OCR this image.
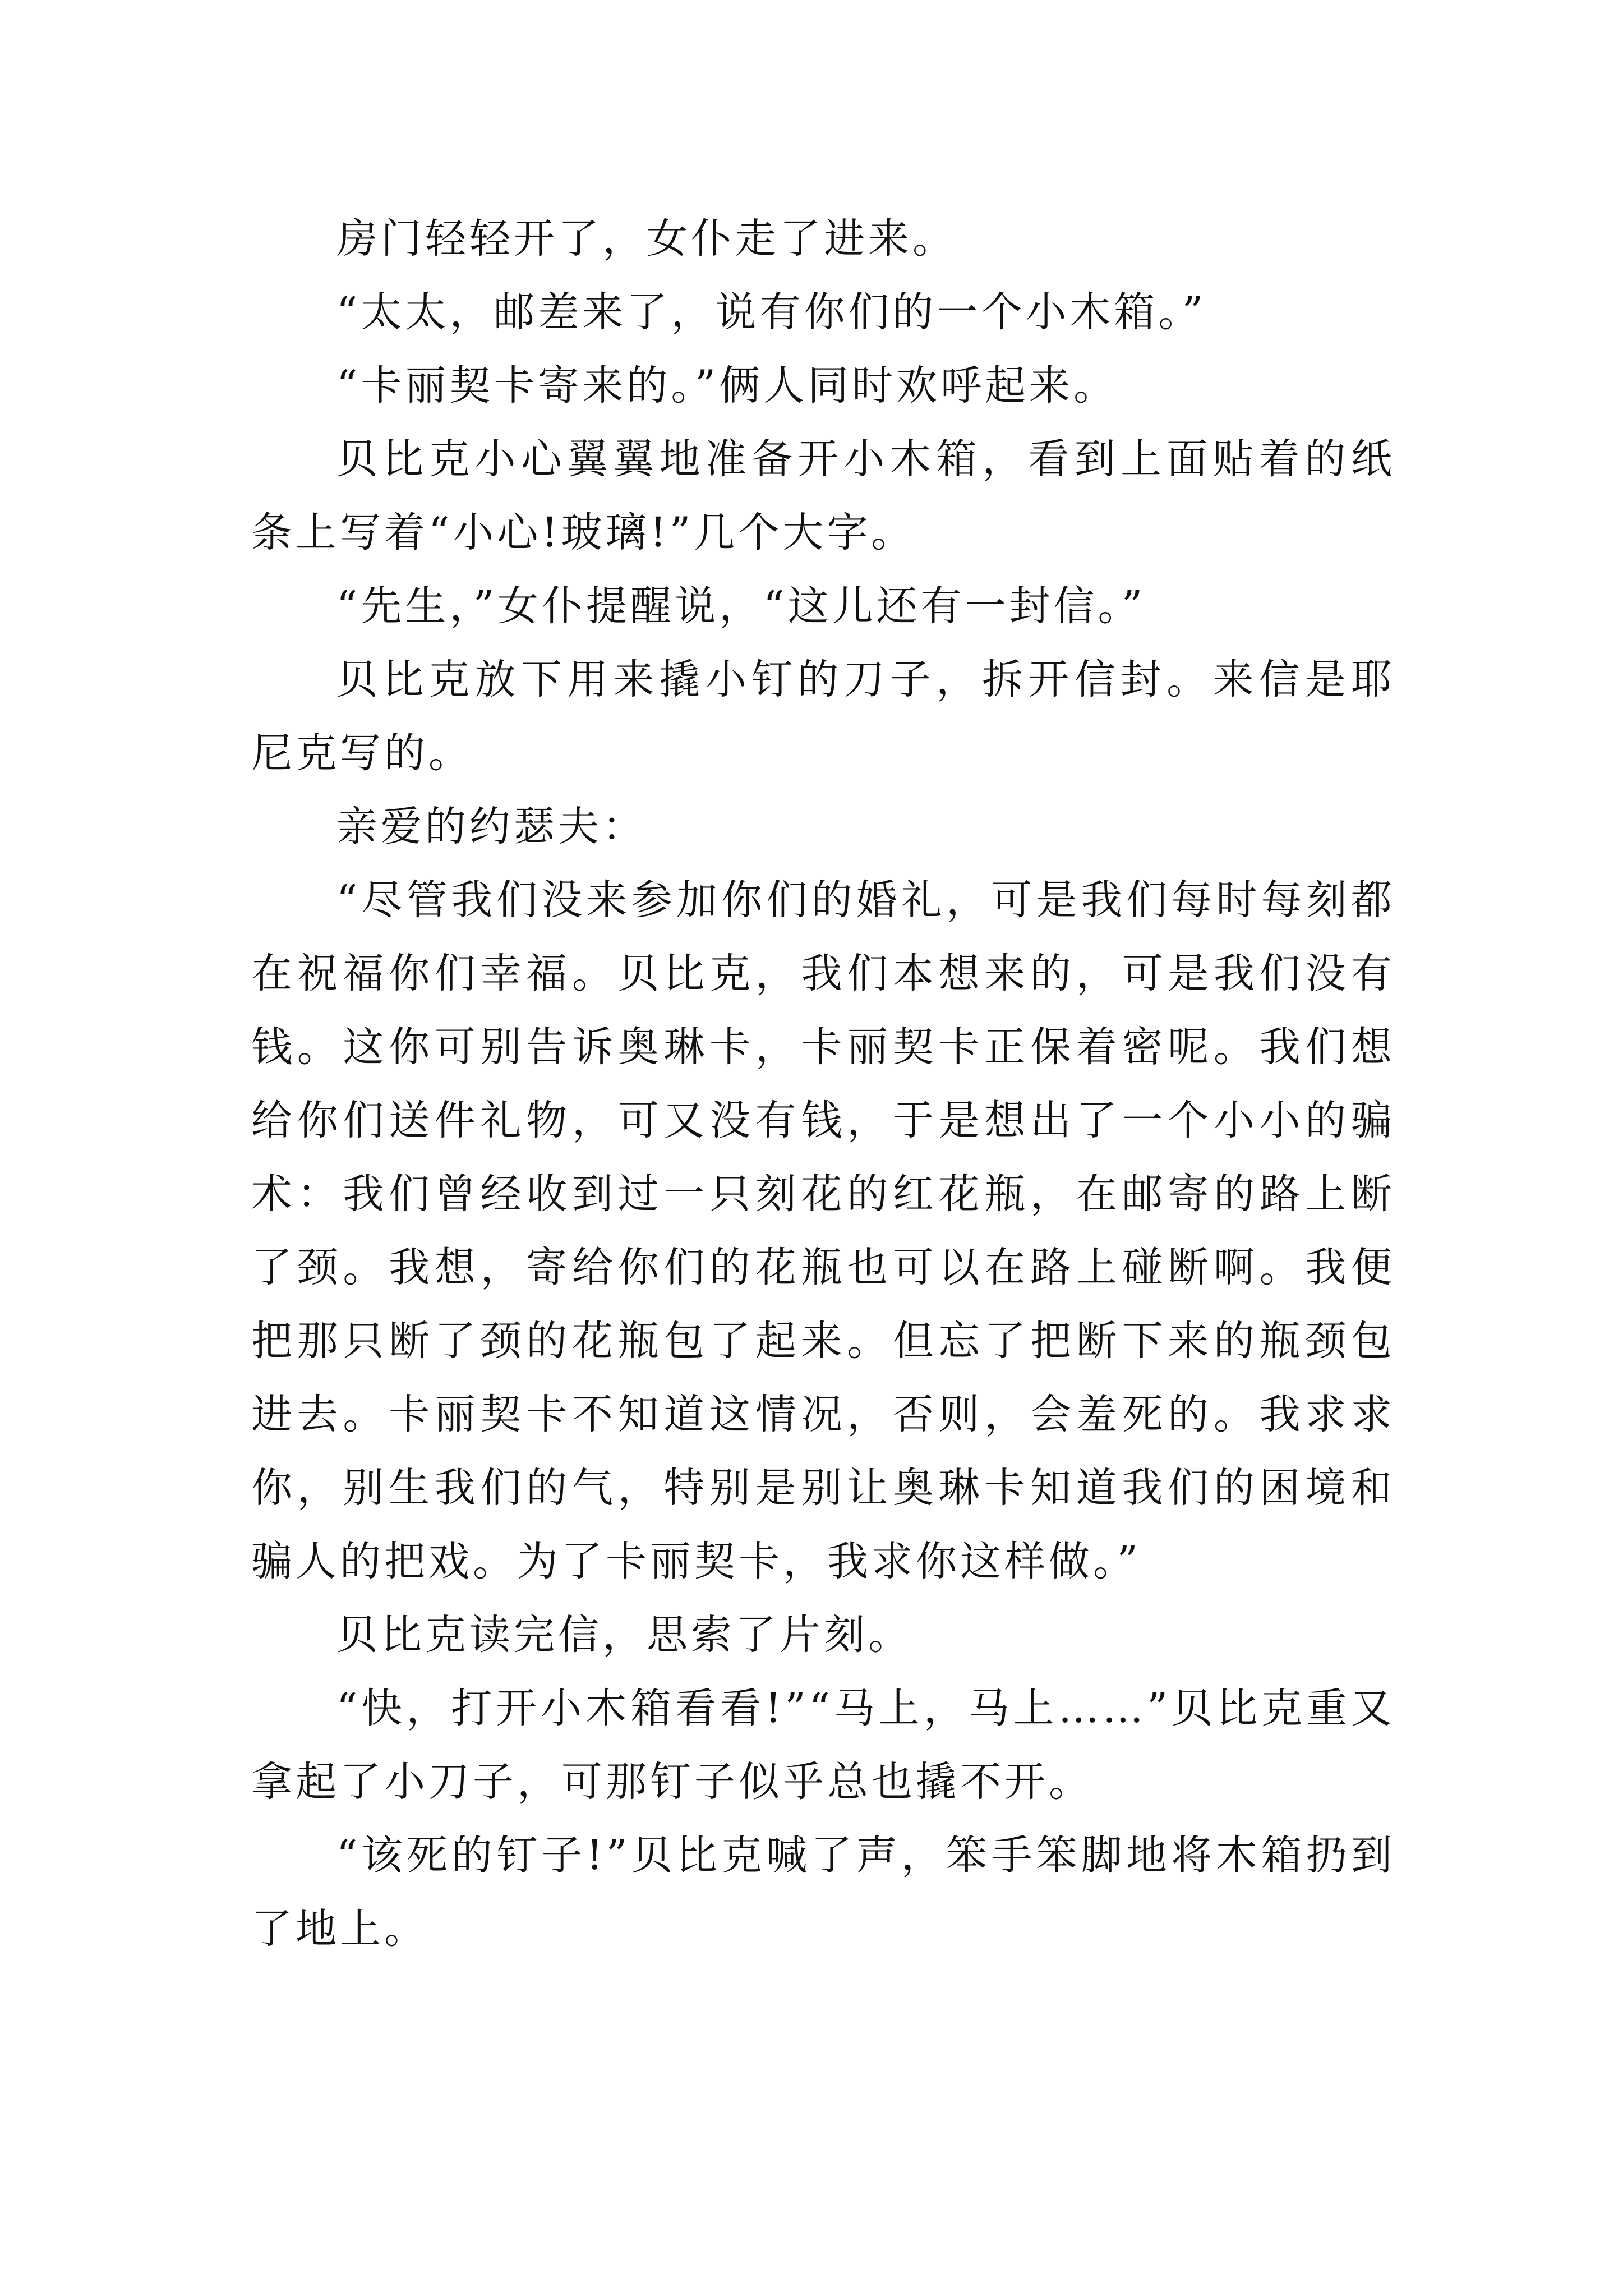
房门轻轻开了，女仆走了进来。

“太太，邮差来了，说有你们的一个小木箱。”

“卡丽契卡寄来的。”俩人同时欢呼起来。

贝比克小心翼翼地准备开小木箱，看到上面贴着的纸条上写着“小心!玻璃!”几个大字。

“先生，”女仆提醒说，“这儿还有一封信。”

贝比克放下用来撬小钉的刀子，拆开信封。来信是耶尼克写的。

亲爱的约瑟夫：

“尽管我们没来参加你们的婚礼，可是我们每时每刻都在祝福你们幸福。贝比克，我们本想来的，可是我们没有钱。这你可别告诉奥琳卡，卡丽契卡正保着密呢。我们想给你们送件礼物，可又没有钱，于是想出了一个小小的骗术：我们曾经收到过一只刻花的红花瓶，在邮寄的路上断了颈。我想，寄给你们的花瓶也可以在路上碰断啊。我便把那只断了颈的花瓶包了起来。但忘了把断下来的瓶颈包进去。卡丽契卡不知道这情况，否则，会羞死的。我求求你，别生我们的气，特别是别让奥琳卡知道我们的困境和骗人的把戏。为了卡丽契卡，我求你这样做。”

贝比克读完信，思索了片刻。

“快，打开小木箱看看!”“马上，马上……”贝比克重又拿起了小刀子，可那钉子似乎总也撬不开。

“该死的钉子!”贝比克喊了声，笨手笨脚地将木箱扔到了地上。
